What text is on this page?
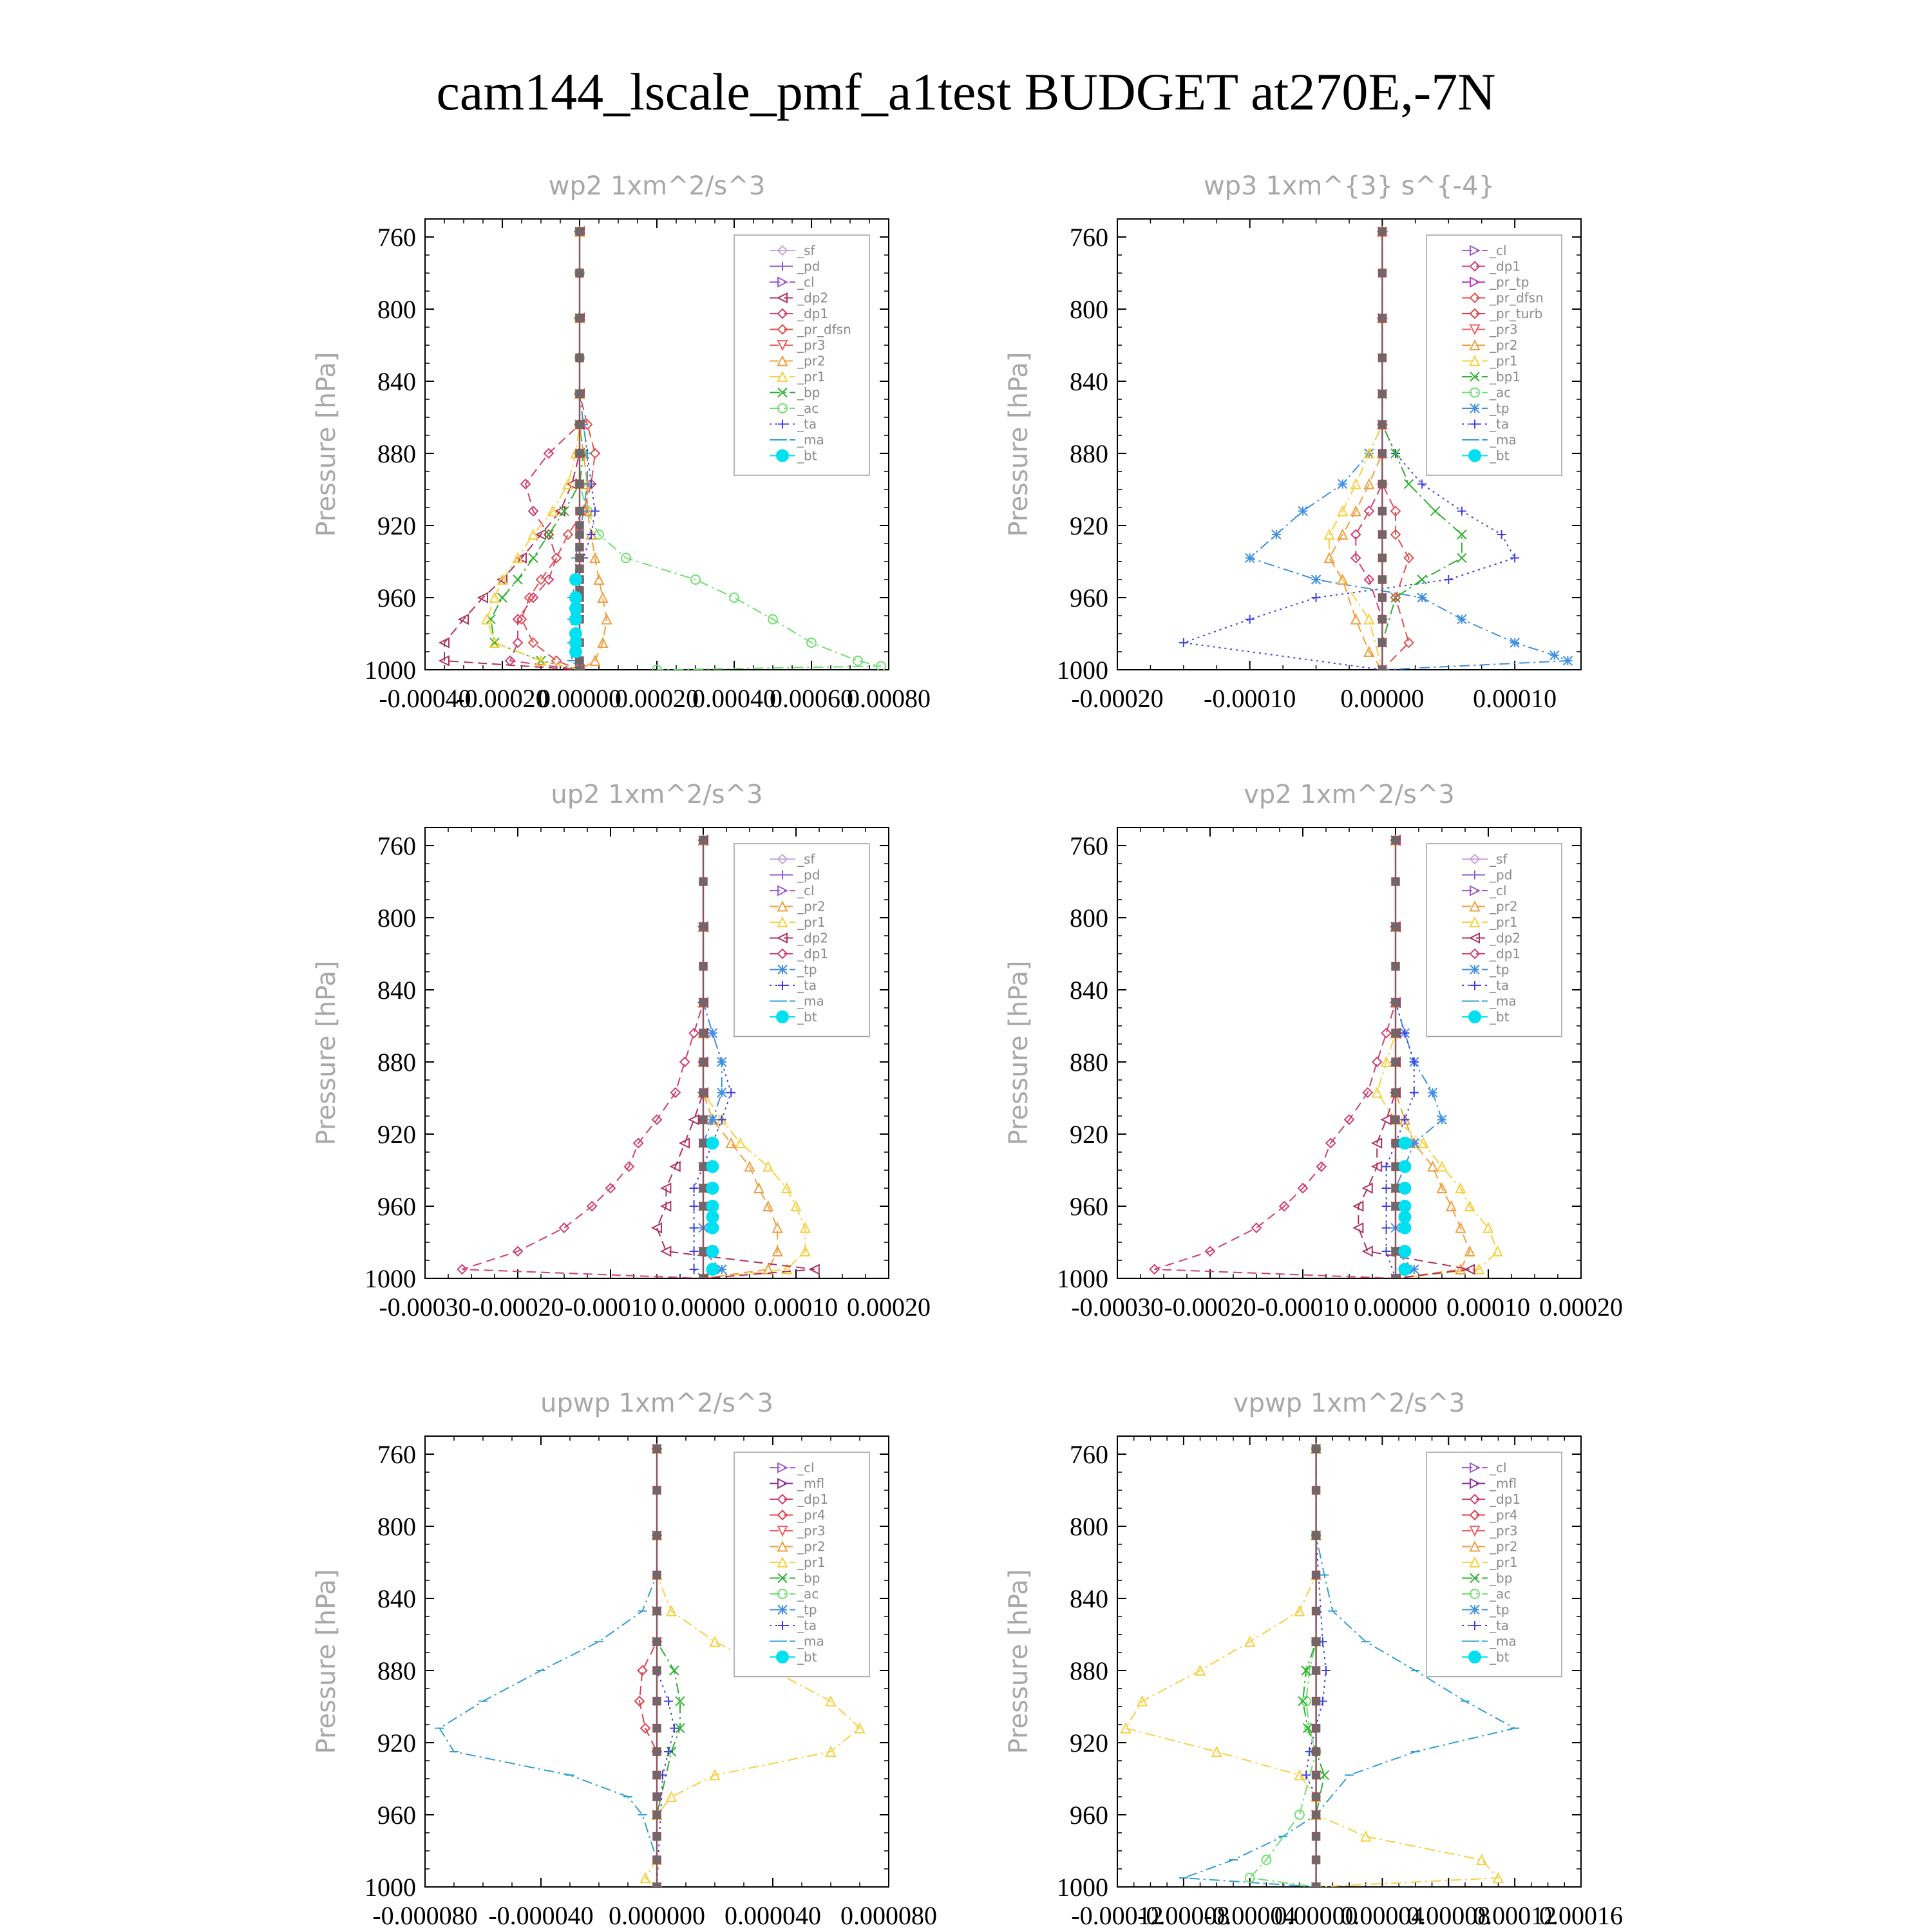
cam144_lscale_pmf_a1test BUDGET at270E,-7N
wp2 1xm^2/s^3
Pressure [hPa]
760
800
840
880
920
960
1000
-0.00040
-0.00020
0.00000
0.00020
0.00040
0.00060
0.00080
_sf
_pd
_cl
_dp2
_dp1
_pr_dfsn
_pr3
_pr2
_pr1
_bp
_ac
_ta
_ma
_bt
wp3 1xm^{3} s^{-4}
Pressure [hPa]
760
800
840
880
920
960
1000
-0.00020 -0.00010 0.00000 0.00010
_cl
_dp1
_pr_tp
_pr_dfsn
_pr_turb
_pr3
_pr2
_pr1
_bp1
_ac
_tp
_ta
_ma
_bt
up2 1xm^2/s^3
Pressure [hPa]
760
800
840
880
920
960
1000
-0.00030 -0.00020 -0.00010 0.00000 0.00010 0.00020
_sf
_pd
_cl
_pr2
_pr1
_dp2
_dp1
_tp
_ta
_ma
_bt
vp2 1xm^2/s^3
Pressure [hPa]
760
800
840
880
920
960
1000
-0.00030 -0.00020 -0.00010 0.00000 0.00010 0.00020
_sf
_pd
_cl
_pr2
_pr1
_dp2
_dp1
_tp
_ta
_ma
_bt
upwp 1xm^2/s^3
Pressure [hPa]
760
800
840
880
920
960
1000
-0.000080 -0.000040 0.000000 0.000040 0.000080
_cl
_mfl
_dp1
_pr4
_pr3
_pr2
_pr1
_bp
_ac
_tp
_ta
_ma
_bt
vpwp 1xm^2/s^3
Pressure [hPa]
760
800
840
880
920
960
1000
-0.00012
-0.00008
-0.00004
0.00000
0.00004
0.00008
0.00012
0.00016
_cl
_mfl
_dp1
_pr4
_pr3
_pr2
_pr1
_bp
_ac
_tp
_ta
_ma
_bt
